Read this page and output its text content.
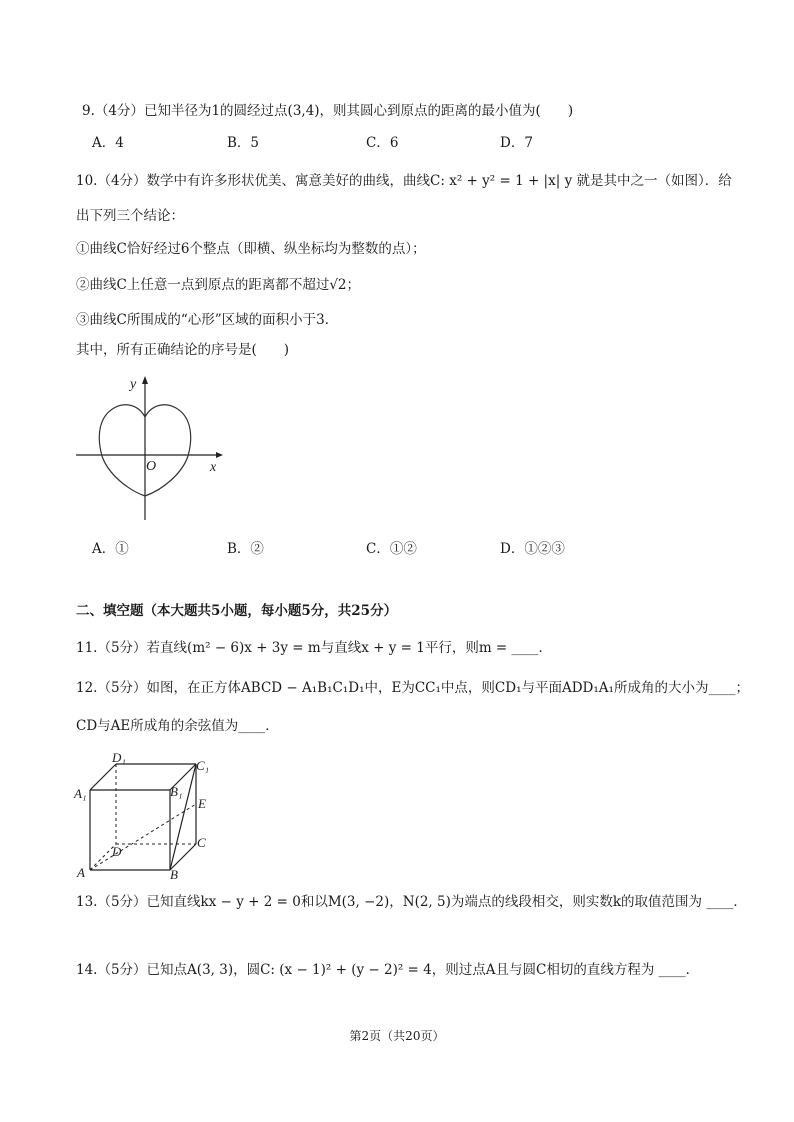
9.（4分）已知半径为1的圆经过点(3,4)，则其圆心到原点的距离的最小值为(　　)
A．4	B．5	C．6	D．7
10.（4分）数学中有许多形状优美、寓意美好的曲线，曲线C: x² + y² = 1 + |x| y 就是其中之一（如图）．给
出下列三个结论：
①曲线C恰好经过6个整点（即横、纵坐标均为整数的点）；
②曲线C上任意一点到原点的距离都不超过√2；
③曲线C所围成的“心形”区域的面积小于3．
其中，所有正确结论的序号是(　　)
y
x
O
A．①	B．②	C．①②	D．①②③
二、填空题（本大题共5小题，每小题5分，共25分）
11.（5分）若直线(m² − 6)x + 3y = m与直线x + y = 1平行，则m = ____．
12.（5分）如图，在正方体ABCD − A₁B₁C₁D₁中，E为CC₁中点，则CD₁与平面ADD₁A₁所成角的大小为____；
CD与AE所成角的余弦值为____．
D₁
C₁
A₁	B₁
E
D
C
A	B
13.（5分）已知直线kx − y + 2 = 0和以M(3, −2)，N(2, 5)为端点的线段相交，则实数k的取值范围为 ____．
14.（5分）已知点A(3, 3)，圆C: (x − 1)² + (y − 2)² = 4，则过点A且与圆C相切的直线方程为 ____．
第2页（共20页）
